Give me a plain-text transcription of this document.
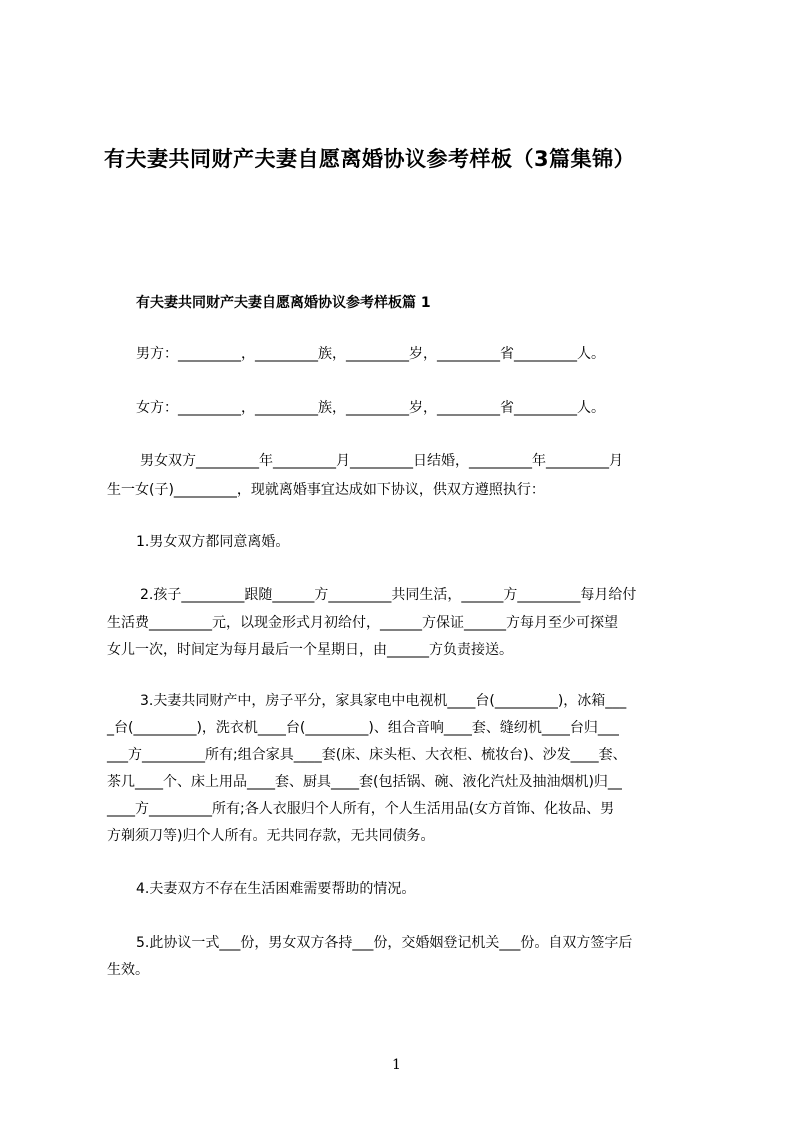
有夫妻共同财产夫妻自愿离婚协议参考样板（3篇集锦）
有夫妻共同财产夫妻自愿离婚协议参考样板篇 1

男方：_________，_________族，_________岁，_________省_________人。

女方：_________，_________族，_________岁，_________省_________人。

男女双方_________年_________月_________日结婚，_________年_________月

生一女(子)_________，现就离婚事宜达成如下协议，供双方遵照执行：

1.男女双方都同意离婚。

2.孩子_________跟随______方_________共同生活，______方_________每月给付

生活费_________元，以现金形式月初给付，______方保证______方每月至少可探望

女儿一次，时间定为每月最后一个星期日，由______方负责接送。

3.夫妻共同财产中，房子平分，家具家电中电视机____台(_________)，冰箱___

_台(_________)，洗衣机____台(_________)、组合音响____套、缝纫机____台归___

___方_________所有;组合家具____套(床、床头柜、大衣柜、梳妆台)、沙发____套、

茶几____个、床上用品____套、厨具____套(包括锅、碗、液化汽灶及抽油烟机)归__

____方_________所有;各人衣服归个人所有，个人生活用品(女方首饰、化妆品、男

方剃须刀等)归个人所有。无共同存款，无共同债务。

4.夫妻双方不存在生活困难需要帮助的情况。

5.此协议一式___份，男女双方各持___份，交婚姻登记机关___份。自双方签字后

生效。

1
